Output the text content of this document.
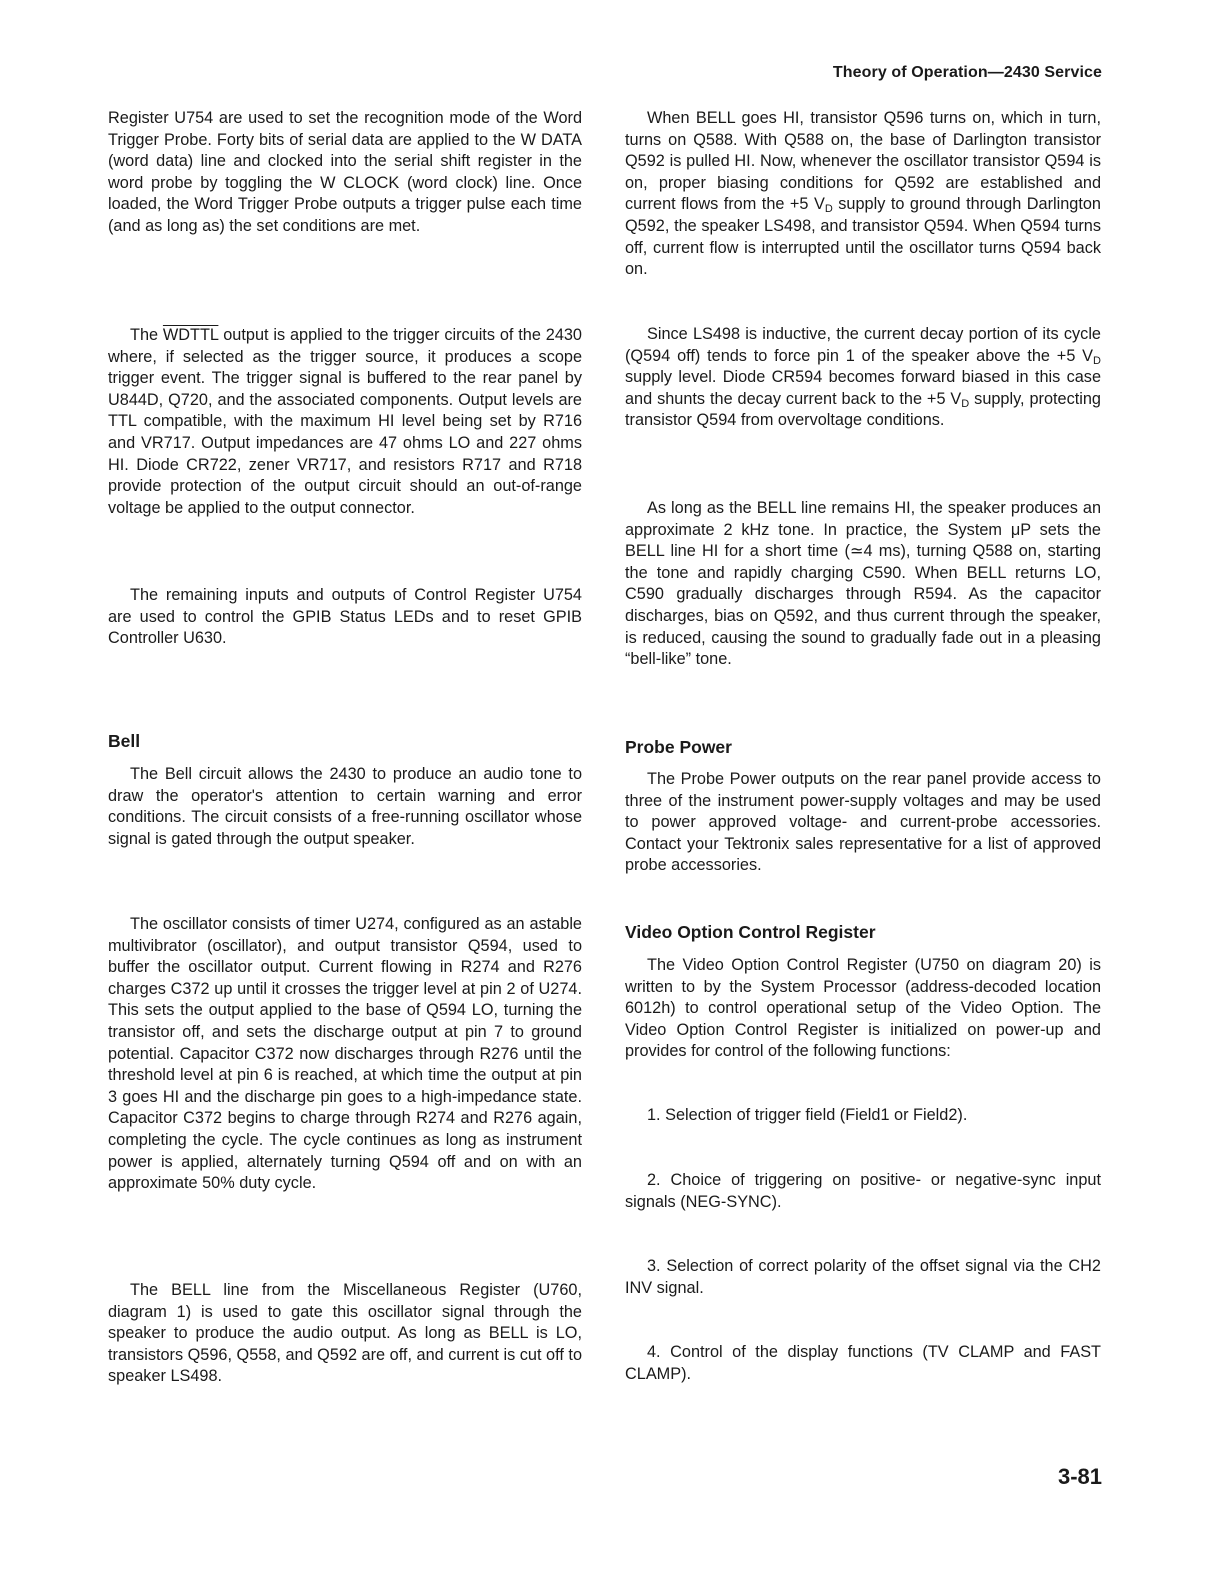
Theory of Operation—2430 Service

Register U754 are used to set the recognition mode of the Word Trigger Probe. Forty bits of serial data are applied to the W DATA (word data) line and clocked into the serial shift register in the word probe by toggling the W CLOCK (word clock) line. Once loaded, the Word Trigger Probe outputs a trigger pulse each time (and as long as) the set conditions are met.

The WDTTL output is applied to the trigger circuits of the 2430 where, if selected as the trigger source, it produces a scope trigger event. The trigger signal is buffered to the rear panel by U844D, Q720, and the associated components. Output levels are TTL compatible, with the maximum HI level being set by R716 and VR717. Output impedances are 47 ohms LO and 227 ohms HI. Diode CR722, zener VR717, and resistors R717 and R718 provide protection of the output circuit should an out-of-range voltage be applied to the output connector.

The remaining inputs and outputs of Control Register U754 are used to control the GPIB Status LEDs and to reset GPIB Controller U630.

Bell

The Bell circuit allows the 2430 to produce an audio tone to draw the operator's attention to certain warning and error conditions. The circuit consists of a free-running oscillator whose signal is gated through the output speaker.

The oscillator consists of timer U274, configured as an astable multivibrator (oscillator), and output transistor Q594, used to buffer the oscillator output. Current flowing in R274 and R276 charges C372 up until it crosses the trigger level at pin 2 of U274. This sets the output applied to the base of Q594 LO, turning the transistor off, and sets the discharge output at pin 7 to ground potential. Capacitor C372 now discharges through R276 until the threshold level at pin 6 is reached, at which time the output at pin 3 goes HI and the discharge pin goes to a high-impedance state. Capacitor C372 begins to charge through R274 and R276 again, completing the cycle. The cycle continues as long as instrument power is applied, alternately turning Q594 off and on with an approximate 50% duty cycle.

The BELL line from the Miscellaneous Register (U760, diagram 1) is used to gate this oscillator signal through the speaker to produce the audio output. As long as BELL is LO, transistors Q596, Q558, and Q592 are off, and current is cut off to speaker LS498.

When BELL goes HI, transistor Q596 turns on, which in turn, turns on Q588. With Q588 on, the base of Darlington transistor Q592 is pulled HI. Now, whenever the oscillator transistor Q594 is on, proper biasing conditions for Q592 are established and current flows from the +5 $V_D$ supply to ground through Darlington Q592, the speaker LS498, and transistor Q594. When Q594 turns off, current flow is interrupted until the oscillator turns Q594 back on.

Since LS498 is inductive, the current decay portion of its cycle (Q594 off) tends to force pin 1 of the speaker above the +5 $V_D$ supply level. Diode CR594 becomes forward biased in this case and shunts the decay current back to the +5 $V_D$ supply, protecting transistor Q594 from overvoltage conditions.

As long as the BELL line remains HI, the speaker produces an approximate 2 kHz tone. In practice, the System μP sets the BELL line HI for a short time (≃4 ms), turning Q588 on, starting the tone and rapidly charging C590. When BELL returns LO, C590 gradually discharges through R594. As the capacitor discharges, bias on Q592, and thus current through the speaker, is reduced, causing the sound to gradually fade out in a pleasing “bell-like” tone.

Probe Power

The Probe Power outputs on the rear panel provide access to three of the instrument power-supply voltages and may be used to power approved voltage- and current-probe accessories. Contact your Tektronix sales representative for a list of approved probe accessories.

Video Option Control Register

The Video Option Control Register (U750 on diagram 20) is written to by the System Processor (address-decoded location 6012h) to control operational setup of the Video Option. The Video Option Control Register is initialized on power-up and provides for control of the following functions:

1. Selection of trigger field (Field1 or Field2).

2. Choice of triggering on positive- or negative-sync input signals (NEG-SYNC).

3. Selection of correct polarity of the offset signal via the CH2 INV signal.

4. Control of the display functions (TV CLAMP and FAST CLAMP).

3-81
